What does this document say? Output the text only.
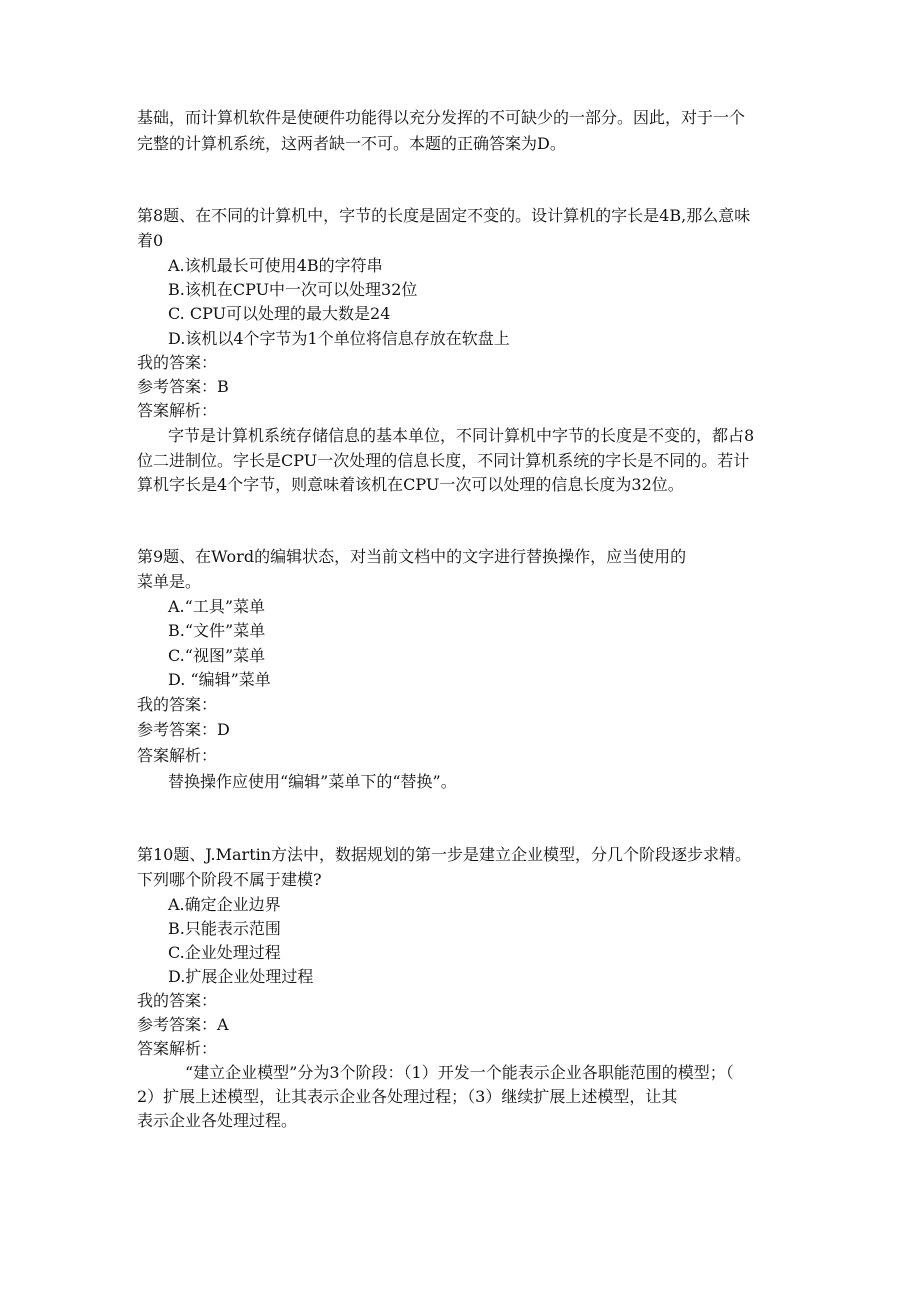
基础，而计算机软件是使硬件功能得以充分发挥的不可缺少的一部分。因此，对于一个

完整的计算机系统，这两者缺一不可。本题的正确答案为D。

第8题、在不同的计算机中，字节的长度是固定不变的。设计算机的字长是4B,那么意味

着0

A.该机最长可使用4B的字符串

B.该机在CPU中一次可以处理32位

C. CPU可以处理的最大数是24

D.该机以4个字节为1个单位将信息存放在软盘上

我的答案：

参考答案：B

答案解析：

字节是计算机系统存储信息的基本单位，不同计算机中字节的长度是不变的，都占8

位二进制位。字长是CPU一次处理的信息长度，不同计算机系统的字长是不同的。若计

算机字长是4个字节，则意味着该机在CPU一次可以处理的信息长度为32位。

第9题、在Word的编辑状态，对当前文档中的文字进行替换操作，应当使用的

菜单是。

A.“工具”菜单

B.“文件”菜单

C.“视图”菜单

D. “编辑”菜单

我的答案：

参考答案：D

答案解析：

替换操作应使用“编辑”菜单下的“替换”。

第10题、J.Martin方法中，数据规划的第一步是建立企业模型，分几个阶段逐步求精。

下列哪个阶段不属于建模?

A.确定企业边界

B.只能表示范围

C.企业处理过程

D.扩展企业处理过程

我的答案：

参考答案：A

答案解析：

“建立企业模型”分为3个阶段：（1）开发一个能表示企业各职能范围的模型；（

2）扩展上述模型，让其表示企业各处理过程；（3）继续扩展上述模型，让其

表示企业各处理过程。
